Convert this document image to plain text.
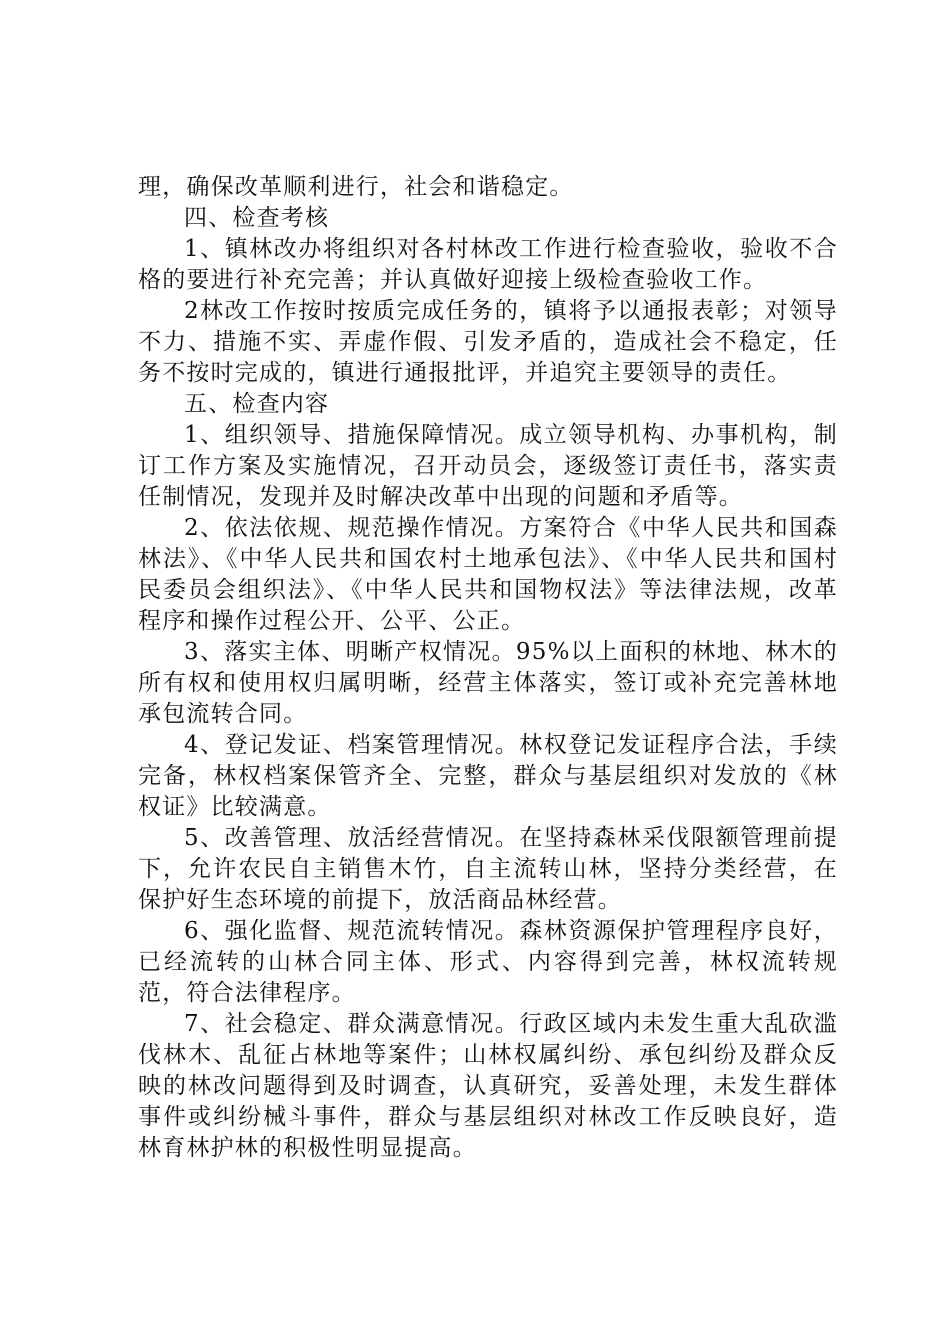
理，确保改革顺利进行，社会和谐稳定。

四、检查考核

1、镇林改办将组织对各村林改工作进行检查验收，验收不合格的要进行补充完善；并认真做好迎接上级检查验收工作。

2林改工作按时按质完成任务的，镇将予以通报表彰；对领导不力、措施不实、弄虚作假、引发矛盾的，造成社会不稳定，任务不按时完成的，镇进行通报批评，并追究主要领导的责任。

五、检查内容

1、组织领导、措施保障情况。成立领导机构、办事机构，制订工作方案及实施情况，召开动员会，逐级签订责任书，落实责任制情况，发现并及时解决改革中出现的问题和矛盾等。

2、依法依规、规范操作情况。方案符合《中华人民共和国森林法》、《中华人民共和国农村土地承包法》、《中华人民共和国村民委员会组织法》、《中华人民共和国物权法》等法律法规，改革程序和操作过程公开、公平、公正。

3、落实主体、明晰产权情况。95%以上面积的林地、林木的所有权和使用权归属明晰，经营主体落实，签订或补充完善林地承包流转合同。

4、登记发证、档案管理情况。林权登记发证程序合法，手续完备，林权档案保管齐全、完整，群众与基层组织对发放的《林权证》比较满意。

5、改善管理、放活经营情况。在坚持森林采伐限额管理前提下，允许农民自主销售木竹，自主流转山林，坚持分类经营，在保护好生态环境的前提下，放活商品林经营。

6、强化监督、规范流转情况。森林资源保护管理程序良好，已经流转的山林合同主体、形式、内容得到完善，林权流转规范，符合法律程序。

7、社会稳定、群众满意情况。行政区域内未发生重大乱砍滥伐林木、乱征占林地等案件；山林权属纠纷、承包纠纷及群众反映的林改问题得到及时调查，认真研究，妥善处理，未发生群体事件或纠纷械斗事件，群众与基层组织对林改工作反映良好，造林育林护林的积极性明显提高。
